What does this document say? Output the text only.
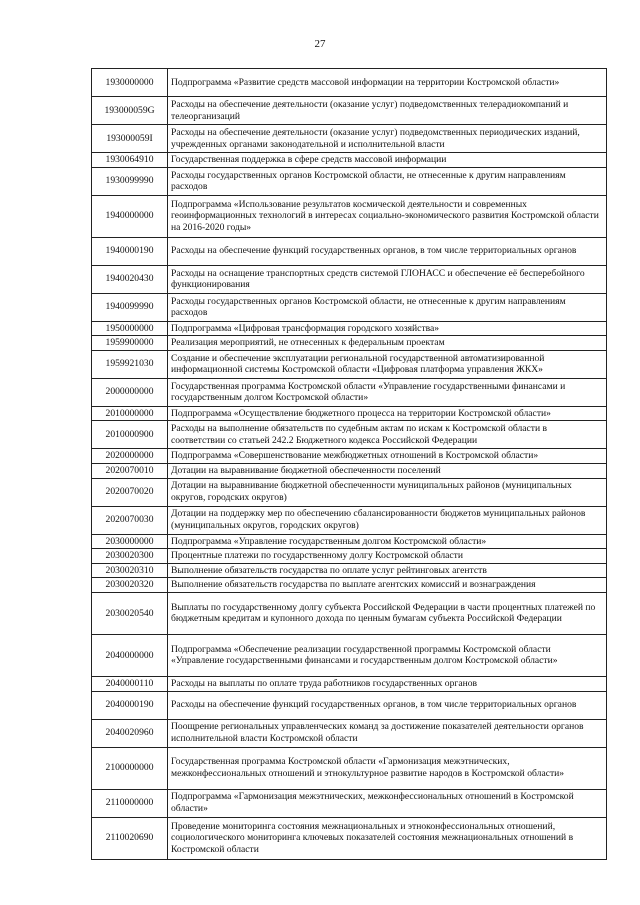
27
1930000000	Подпрограмма «Развитие средств массовой информации на территории Костромской области»
193000059G	Расходы на обеспечение деятельности (оказание услуг) подведомственных телерадиокомпаний и телеорганизаций
193000059I	Расходы на обеспечение деятельности (оказание услуг) подведомственных периодических изданий, учрежденных органами законодательной и исполнительной власти
1930064910	Государственная поддержка в сфере средств массовой информации
1930099990	Расходы государственных органов Костромской области, не отнесенные к другим направлениям расходов
1940000000	Подпрограмма «Использование результатов космической деятельности и современных геоинформационных технологий в интересах социально-экономического развития Костромской области на 2016-2020 годы»
1940000190	Расходы на обеспечение функций государственных органов, в том числе территориальных органов
1940020430	Расходы на оснащение транспортных средств системой ГЛОНАСС и обеспечение её бесперебойного функционирования
1940099990	Расходы государственных органов Костромской области, не отнесенные к другим направлениям расходов
1950000000	Подпрограмма «Цифровая трансформация городского хозяйства»
1959900000	Реализация мероприятий, не отнесенных к федеральным проектам
1959921030	Создание и обеспечение эксплуатации региональной государственной автоматизированной информационной системы Костромской области «Цифровая платформа управления ЖКХ»
2000000000	Государственная программа Костромской области «Управление государственными финансами и государственным долгом Костромской области»
2010000000	Подпрограмма «Осуществление бюджетного процесса на территории Костромской области»
2010000900	Расходы на выполнение обязательств по судебным актам по искам к Костромской области в соответствии со статьей 242.2 Бюджетного кодекса Российской Федерации
2020000000	Подпрограмма «Совершенствование межбюджетных отношений в Костромской области»
2020070010	Дотации на выравнивание бюджетной обеспеченности поселений
2020070020	Дотации на выравнивание бюджетной обеспеченности муниципальных районов (муниципальных округов, городских округов)
2020070030	Дотации на поддержку мер по обеспечению сбалансированности бюджетов муниципальных районов (муниципальных округов, городских округов)
2030000000	Подпрограмма «Управление государственным долгом Костромской области»
2030020300	Процентные платежи по государственному долгу Костромской области
2030020310	Выполнение обязательств государства по оплате услуг рейтинговых агентств
2030020320	Выполнение обязательств государства по выплате агентских комиссий и вознаграждения
2030020540	Выплаты по государственному долгу субъекта Российской Федерации в части процентных платежей по бюджетным кредитам и купонного дохода по ценным бумагам субъекта Российской Федерации
2040000000	Подпрограмма «Обеспечение реализации государственной программы Костромской области «Управление государственными финансами и государственным долгом Костромской области»
2040000110	Расходы на выплаты по оплате труда работников государственных органов
2040000190	Расходы на обеспечение функций государственных органов, в том числе территориальных органов
2040020960	Поощрение региональных управленческих команд за достижение показателей деятельности органов исполнительной власти Костромской области
2100000000	Государственная программа Костромской области «Гармонизация межэтнических, межконфессиональных отношений и этнокультурное развитие народов в Костромской области»
2110000000	Подпрограмма «Гармонизация межэтнических, межконфессиональных отношений в Костромской области»
2110020690	Проведение мониторинга состояния межнациональных и этноконфессиональных отношений, социологического мониторинга ключевых показателей состояния межнациональных отношений в Костромской области
